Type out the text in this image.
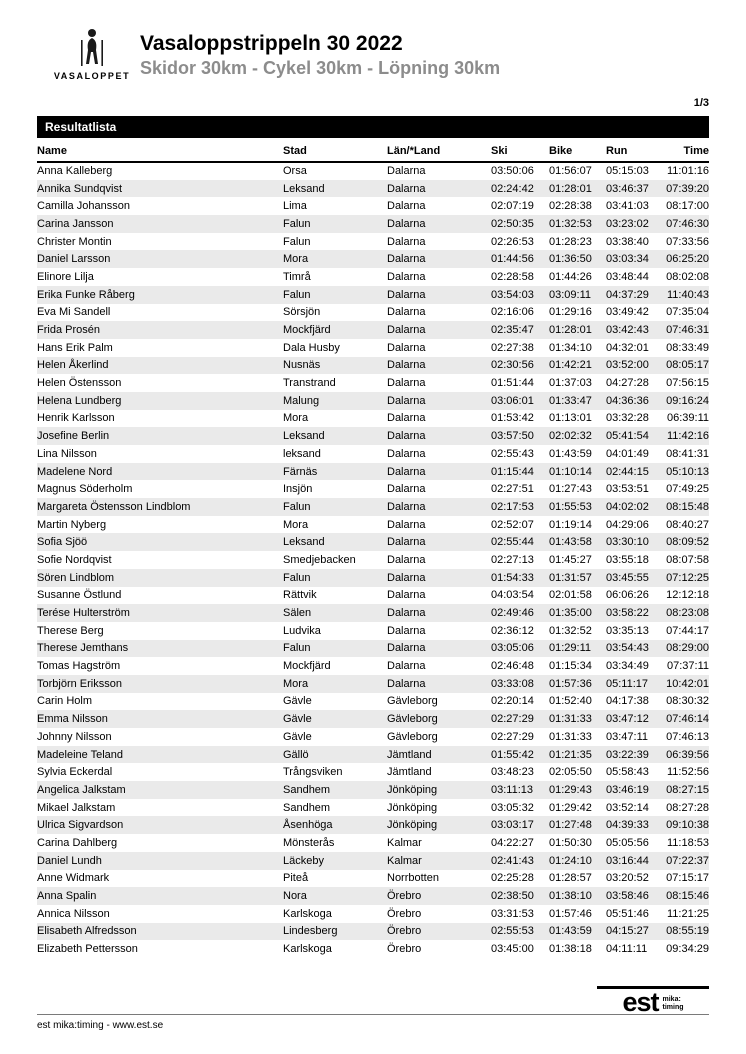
VASALOPPET
Vasaloppstrippeln 30 2022
Skidor 30km - Cykel 30km - Löpning 30km
1/3
Resultatlista
Name	Stad	Län/*Land	Ski	Bike	Run	Time
Anna Kalleberg	Orsa	Dalarna	03:50:06	01:56:07	05:15:03	11:01:16
Annika Sundqvist	Leksand	Dalarna	02:24:42	01:28:01	03:46:37	07:39:20
Camilla Johansson	Lima	Dalarna	02:07:19	02:28:38	03:41:03	08:17:00
Carina Jansson	Falun	Dalarna	02:50:35	01:32:53	03:23:02	07:46:30
Christer Montin	Falun	Dalarna	02:26:53	01:28:23	03:38:40	07:33:56
Daniel Larsson	Mora	Dalarna	01:44:56	01:36:50	03:03:34	06:25:20
Elinore Lilja	Timrå	Dalarna	02:28:58	01:44:26	03:48:44	08:02:08
Erika Funke Råberg	Falun	Dalarna	03:54:03	03:09:11	04:37:29	11:40:43
Eva Mi Sandell	Sörsjön	Dalarna	02:16:06	01:29:16	03:49:42	07:35:04
Frida Prosén	Mockfjärd	Dalarna	02:35:47	01:28:01	03:42:43	07:46:31
Hans Erik Palm	Dala Husby	Dalarna	02:27:38	01:34:10	04:32:01	08:33:49
Helen Åkerlind	Nusnäs	Dalarna	02:30:56	01:42:21	03:52:00	08:05:17
Helen Östensson	Transtrand	Dalarna	01:51:44	01:37:03	04:27:28	07:56:15
Helena Lundberg	Malung	Dalarna	03:06:01	01:33:47	04:36:36	09:16:24
Henrik Karlsson	Mora	Dalarna	01:53:42	01:13:01	03:32:28	06:39:11
Josefine Berlin	Leksand	Dalarna	03:57:50	02:02:32	05:41:54	11:42:16
Lina Nilsson	leksand	Dalarna	02:55:43	01:43:59	04:01:49	08:41:31
Madelene Nord	Färnäs	Dalarna	01:15:44	01:10:14	02:44:15	05:10:13
Magnus Söderholm	Insjön	Dalarna	02:27:51	01:27:43	03:53:51	07:49:25
Margareta Östensson Lindblom	Falun	Dalarna	02:17:53	01:55:53	04:02:02	08:15:48
Martin Nyberg	Mora	Dalarna	02:52:07	01:19:14	04:29:06	08:40:27
Sofia Sjöö	Leksand	Dalarna	02:55:44	01:43:58	03:30:10	08:09:52
Sofie Nordqvist	Smedjebacken	Dalarna	02:27:13	01:45:27	03:55:18	08:07:58
Sören Lindblom	Falun	Dalarna	01:54:33	01:31:57	03:45:55	07:12:25
Susanne Östlund	Rättvik	Dalarna	04:03:54	02:01:58	06:06:26	12:12:18
Terése Hulterström	Sälen	Dalarna	02:49:46	01:35:00	03:58:22	08:23:08
Therese Berg	Ludvika	Dalarna	02:36:12	01:32:52	03:35:13	07:44:17
Therese Jemthans	Falun	Dalarna	03:05:06	01:29:11	03:54:43	08:29:00
Tomas Hagström	Mockfjärd	Dalarna	02:46:48	01:15:34	03:34:49	07:37:11
Torbjörn Eriksson	Mora	Dalarna	03:33:08	01:57:36	05:11:17	10:42:01
Carin Holm	Gävle	Gävleborg	02:20:14	01:52:40	04:17:38	08:30:32
Emma Nilsson	Gävle	Gävleborg	02:27:29	01:31:33	03:47:12	07:46:14
Johnny Nilsson	Gävle	Gävleborg	02:27:29	01:31:33	03:47:11	07:46:13
Madeleine Teland	Gällö	Jämtland	01:55:42	01:21:35	03:22:39	06:39:56
Sylvia Eckerdal	Trångsviken	Jämtland	03:48:23	02:05:50	05:58:43	11:52:56
Angelica Jalkstam	Sandhem	Jönköping	03:11:13	01:29:43	03:46:19	08:27:15
Mikael Jalkstam	Sandhem	Jönköping	03:05:32	01:29:42	03:52:14	08:27:28
Ulrica Sigvardson	Åsenhöga	Jönköping	03:03:17	01:27:48	04:39:33	09:10:38
Carina Dahlberg	Mönsterås	Kalmar	04:22:27	01:50:30	05:05:56	11:18:53
Daniel Lundh	Läckeby	Kalmar	02:41:43	01:24:10	03:16:44	07:22:37
Anne Widmark	Piteå	Norrbotten	02:25:28	01:28:57	03:20:52	07:15:17
Anna Spalin	Nora	Örebro	02:38:50	01:38:10	03:58:46	08:15:46
Annica Nilsson	Karlskoga	Örebro	03:31:53	01:57:46	05:51:46	11:21:25
Elisabeth Alfredsson	Lindesberg	Örebro	02:55:53	01:43:59	04:15:27	08:55:19
Elizabeth Pettersson	Karlskoga	Örebro	03:45:00	01:38:18	04:11:11	09:34:29
est mika:
timing
est mika:timing - www.est.se
